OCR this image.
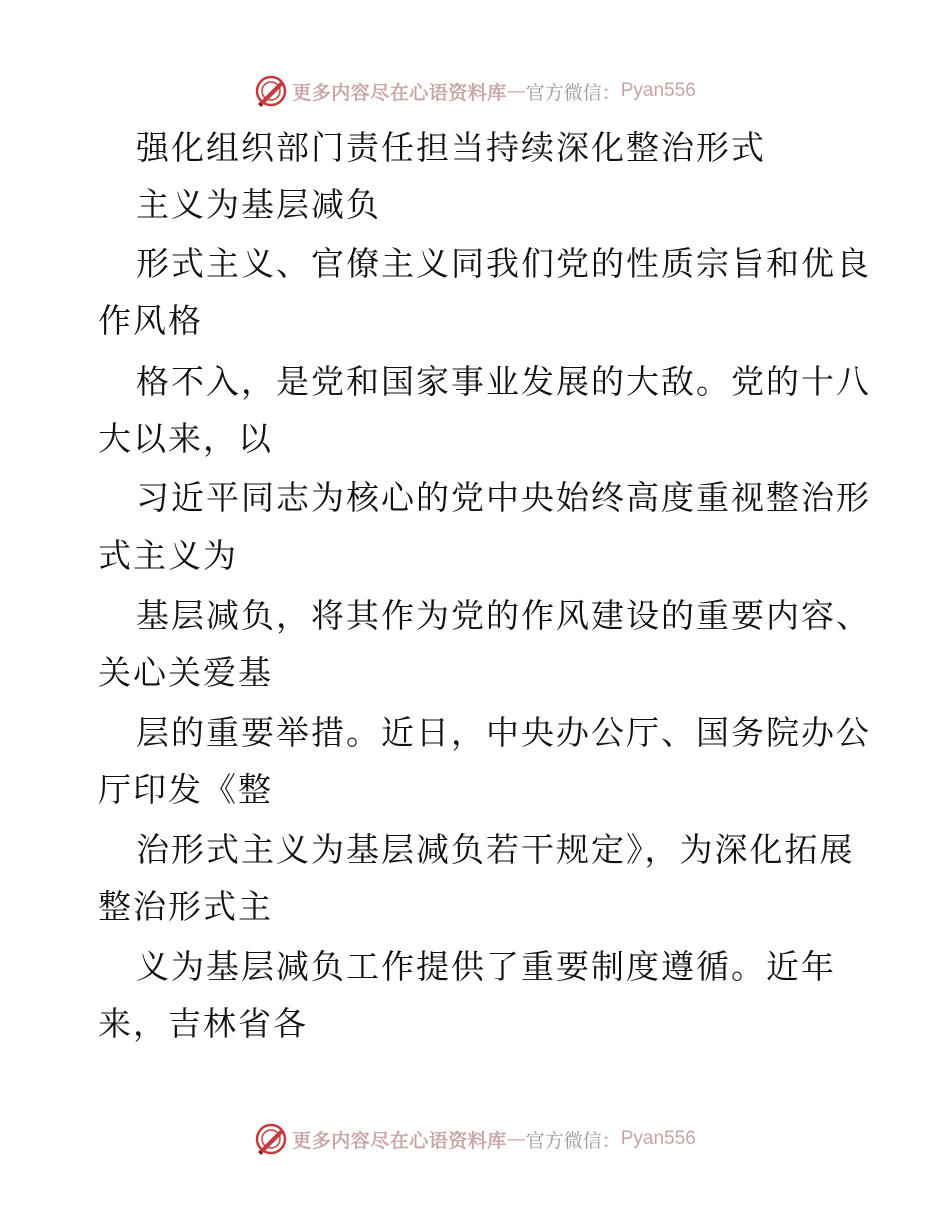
更多内容尽在心语资料库 — 官方微信： Pyan556
强化组织部门责任担当持续深化整治形式
主义为基层减负
形式主义、官僚主义同我们党的性质宗旨和优良
作风格
格不入，是党和国家事业发展的大敌。党的十八
大以来，以
习近平同志为核心的党中央始终高度重视整治形
式主义为
基层减负，将其作为党的作风建设的重要内容、
关心关爱基
层的重要举措。近日，中央办公厅、国务院办公
厅印发《整
治形式主义为基层减负若干规定》，为深化拓展
整治形式主
义为基层减负工作提供了重要制度遵循。近年
来，吉林省各
更多内容尽在心语资料库 — 官方微信： Pyan556
